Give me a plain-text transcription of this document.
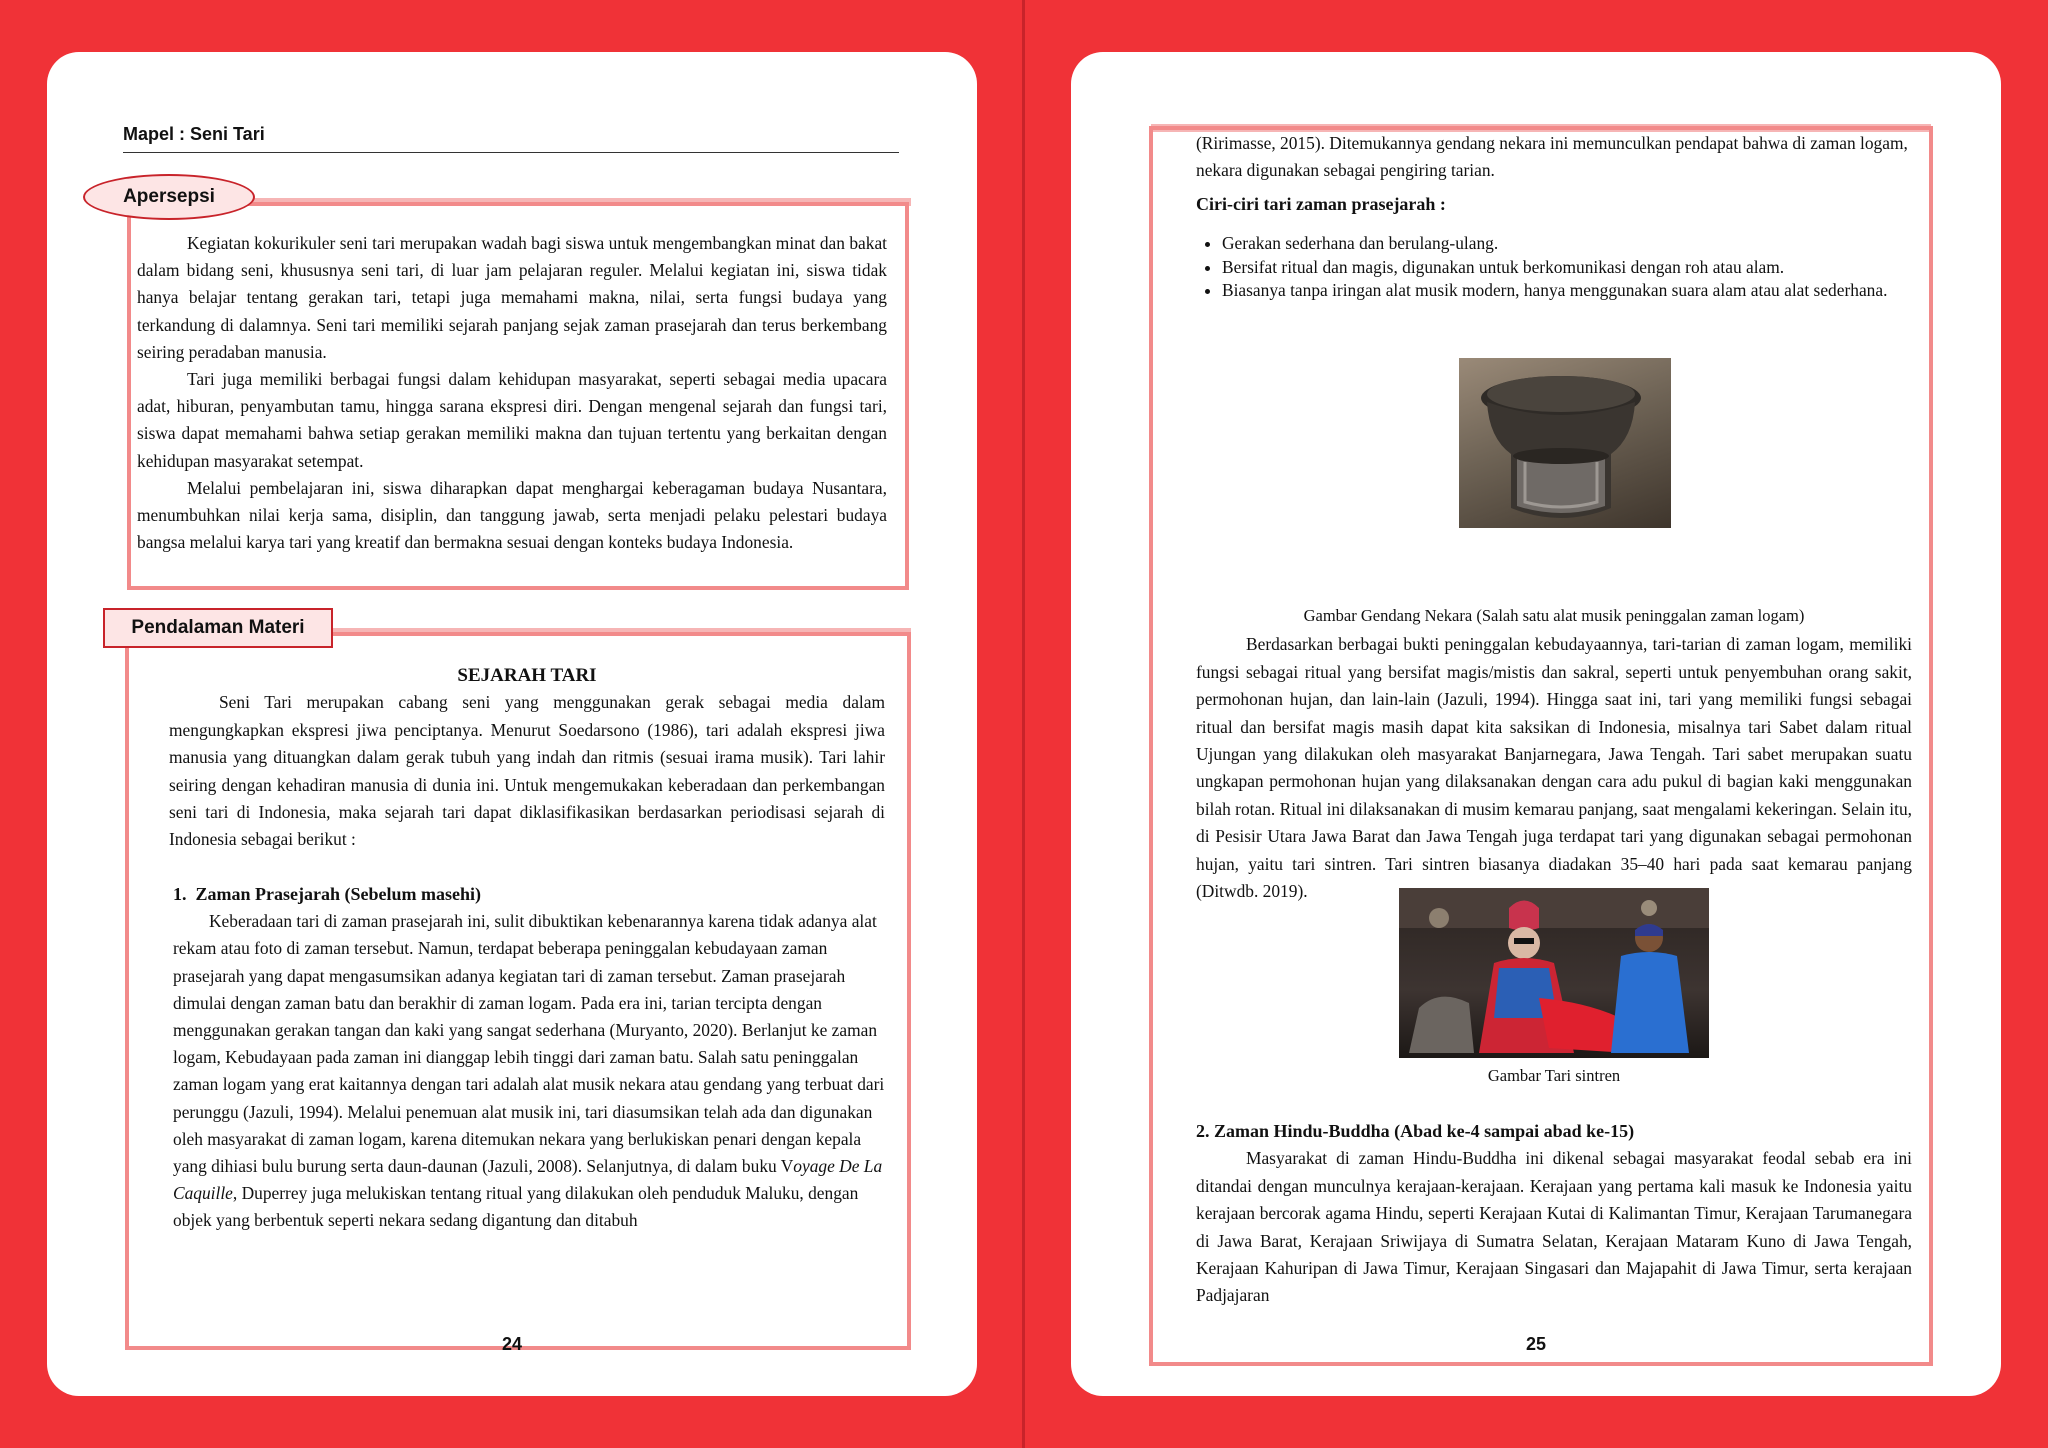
Mapel : Seni Tari
Apersepsi

Kegiatan kokurikuler seni tari merupakan wadah bagi siswa untuk mengembangkan minat dan bakat dalam bidang seni, khususnya seni tari, di luar jam pelajaran reguler. Melalui kegiatan ini, siswa tidak hanya belajar tentang gerakan tari, tetapi juga memahami makna, nilai, serta fungsi budaya yang terkandung di dalamnya. Seni tari memiliki sejarah panjang sejak zaman prasejarah dan terus berkembang seiring peradaban manusia.

Tari juga memiliki berbagai fungsi dalam kehidupan masyarakat, seperti sebagai media upacara adat, hiburan, penyambutan tamu, hingga sarana ekspresi diri. Dengan mengenal sejarah dan fungsi tari, siswa dapat memahami bahwa setiap gerakan memiliki makna dan tujuan tertentu yang berkaitan dengan kehidupan masyarakat setempat.

Melalui pembelajaran ini, siswa diharapkan dapat menghargai keberagaman budaya Nusantara, menumbuhkan nilai kerja sama, disiplin, dan tanggung jawab, serta menjadi pelaku pelestari budaya bangsa melalui karya tari yang kreatif dan bermakna sesuai dengan konteks budaya Indonesia.

Pendalaman Materi

SEJARAH TARI

Seni Tari merupakan cabang seni yang menggunakan gerak sebagai media dalam mengungkapkan ekspresi jiwa penciptanya. Menurut Soedarsono (1986), tari adalah ekspresi jiwa manusia yang dituangkan dalam gerak tubuh yang indah dan ritmis (sesuai irama musik). Tari lahir seiring dengan kehadiran manusia di dunia ini. Untuk mengemukakan keberadaan dan perkembangan seni tari di Indonesia, maka sejarah tari dapat diklasifikasikan berdasarkan periodisasi sejarah di Indonesia sebagai berikut :

1. Zaman Prasejarah (Sebelum masehi)

Keberadaan tari di zaman prasejarah ini, sulit dibuktikan kebenarannya karena tidak adanya alat rekam atau foto di zaman tersebut. Namun, terdapat beberapa peninggalan kebudayaan zaman prasejarah yang dapat mengasumsikan adanya kegiatan tari di zaman tersebut. Zaman prasejarah dimulai dengan zaman batu dan berakhir di zaman logam. Pada era ini, tarian tercipta dengan menggunakan gerakan tangan dan kaki yang sangat sederhana (Muryanto, 2020). Berlanjut ke zaman logam, Kebudayaan pada zaman ini dianggap lebih tinggi dari zaman batu. Salah satu peninggalan zaman logam yang erat kaitannya dengan tari adalah alat musik nekara atau gendang yang terbuat dari perunggu (Jazuli, 1994). Melalui penemuan alat musik ini, tari diasumsikan telah ada dan digunakan oleh masyarakat di zaman logam, karena ditemukan nekara yang berlukiskan penari dengan kepala yang dihiasi bulu burung serta daun-daunan (Jazuli, 2008). Selanjutnya, di dalam buku Voyage De La Caquille, Duperrey juga melukiskan tentang ritual yang dilakukan oleh penduduk Maluku, dengan objek yang berbentuk seperti nekara sedang digantung dan ditabuh

24

(Ririmasse, 2015). Ditemukannya gendang nekara ini memunculkan pendapat bahwa di zaman logam, nekara digunakan sebagai pengiring tarian.

Ciri-ciri tari zaman prasejarah :

• Gerakan sederhana dan berulang-ulang.
• Bersifat ritual dan magis, digunakan untuk berkomunikasi dengan roh atau alam.
• Biasanya tanpa iringan alat musik modern, hanya menggunakan suara alam atau alat sederhana.

Gambar Gendang Nekara (Salah satu alat musik peninggalan zaman logam)

Berdasarkan berbagai bukti peninggalan kebudayaannya, tari-tarian di zaman logam, memiliki fungsi sebagai ritual yang bersifat magis/mistis dan sakral, seperti untuk penyembuhan orang sakit, permohonan hujan, dan lain-lain (Jazuli, 1994). Hingga saat ini, tari yang memiliki fungsi sebagai ritual dan bersifat magis masih dapat kita saksikan di Indonesia, misalnya tari Sabet dalam ritual Ujungan yang dilakukan oleh masyarakat Banjarnegara, Jawa Tengah. Tari sabet merupakan suatu ungkapan permohonan hujan yang dilaksanakan dengan cara adu pukul di bagian kaki menggunakan bilah rotan. Ritual ini dilaksanakan di musim kemarau panjang, saat mengalami kekeringan. Selain itu, di Pesisir Utara Jawa Barat dan Jawa Tengah juga terdapat tari yang digunakan sebagai permohonan hujan, yaitu tari sintren. Tari sintren biasanya diadakan 35–40 hari pada saat kemarau panjang (Ditwdb. 2019).

Gambar Tari sintren

2. Zaman Hindu-Buddha (Abad ke-4 sampai abad ke-15)

Masyarakat di zaman Hindu-Buddha ini dikenal sebagai masyarakat feodal sebab era ini ditandai dengan munculnya kerajaan-kerajaan. Kerajaan yang pertama kali masuk ke Indonesia yaitu kerajaan bercorak agama Hindu, seperti Kerajaan Kutai di Kalimantan Timur, Kerajaan Tarumanegara di Jawa Barat, Kerajaan Sriwijaya di Sumatra Selatan, Kerajaan Mataram Kuno di Jawa Tengah, Kerajaan Kahuripan di Jawa Timur, Kerajaan Singasari dan Majapahit di Jawa Timur, serta kerajaan Padjajaran

25
